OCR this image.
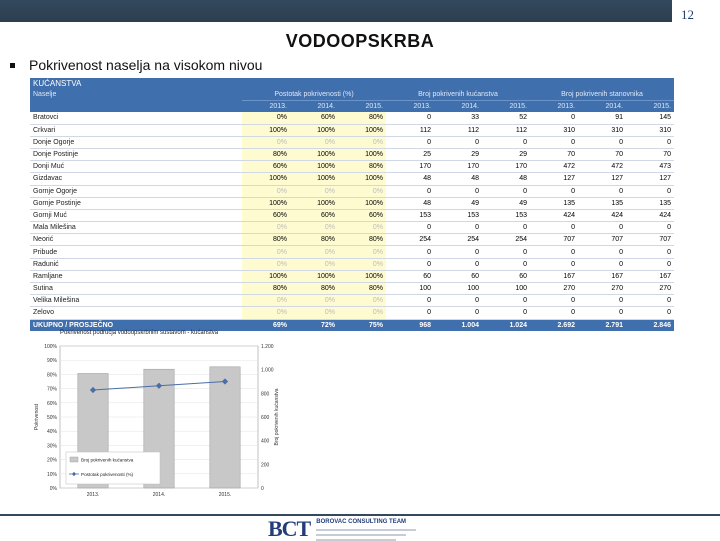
12
VODOOPSKRBA
Pokrivenost naselja na visokom nivou
KUĆANSTVA									
Naselje	Postotak pokrivenosti (%)			Broj pokrivenih kućanstva			Broj pokrivenih stanovnika		
	2013.	2014.	2015.	2013.	2014.	2015.	2013.	2014.	2015.
Bratovci	0%	60%	80%	0	33	52	0	91	145
Crkvari	100%	100%	100%	112	112	112	310	310	310
Donje Ogorje	0%	0%	0%	0	0	0	0	0	0
Donje Postinje	80%	100%	100%	25	29	29	70	70	70
Donji Muć	60%	100%	80%	170	170	170	472	472	473
Gizdavac	100%	100%	100%	48	48	48	127	127	127
Gornje Ogorje	0%	0%	0%	0	0	0	0	0	0
Gornje Postinje	100%	100%	100%	48	49	49	135	135	135
Gornji Muć	60%	60%	60%	153	153	153	424	424	424
Mala Milešina	0%	0%	0%	0	0	0	0	0	0
Neorić	80%	80%	80%	254	254	254	707	707	707
Pribude	0%	0%	0%	0	0	0	0	0	0
Radunić	0%	0%	0%	0	0	0	0	0	0
Ramljane	100%	100%	100%	60	60	60	167	167	167
Sutina	80%	80%	80%	100	100	100	270	270	270
Velika Milešina	0%	0%	0%	0	0	0	0	0	0
Zelovo	0%	0%	0%	0	0	0	0	0	0
UKUPNO / PROSJEČNO	69%	72%	75%	968	1.004	1.024	2.692	2.791	2.846
Pokrivenost područja vodoopskrbnim sustavom - kućanstva
0%
10%
20%
30%
40%
50%
60%
70%
80%
90%
100%
0
200
400
600
800
1.000
1.200
Pokrivenost	Broj pokrivenih kućanstva
2013.	2014.	2015.
Broj pokrivenih kućanstva
Postotak pokrivenosti (%)
BCT BOROVAC CONSULTING TEAM
